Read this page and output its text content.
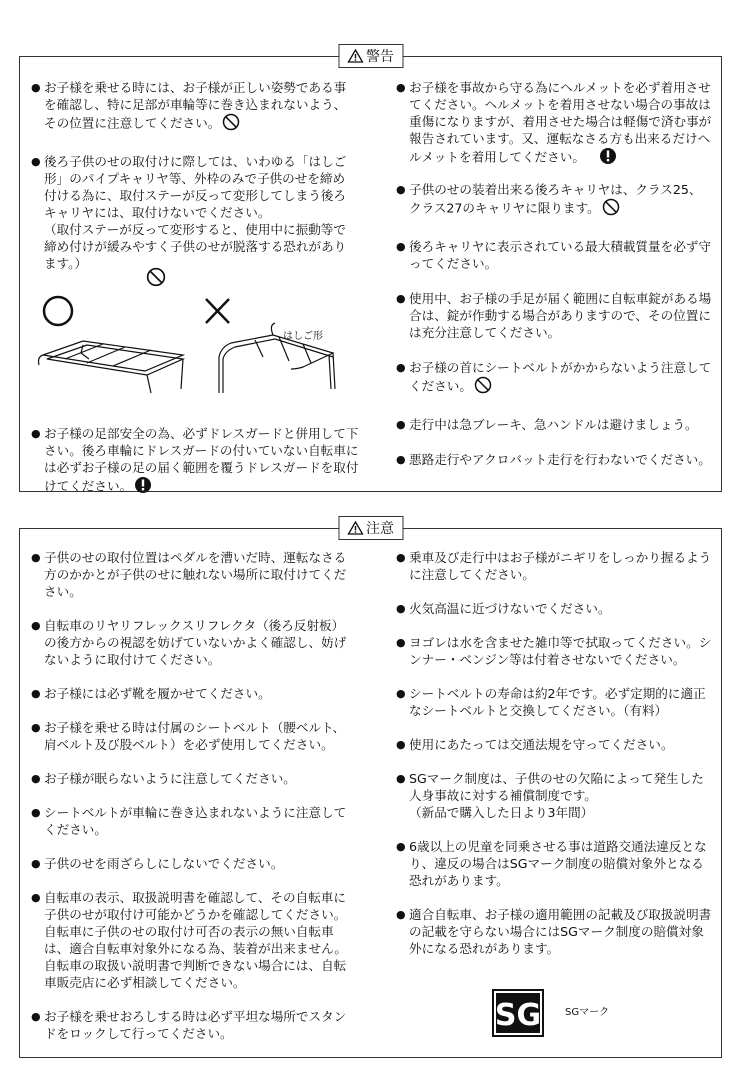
警告

● お子様を乗せる時には、お子様が正しい姿勢である事を確認し、特に足部が車輪等に巻き込まれないよう、その位置に注意してください。

● 後ろ子供のせの取付けに際しては、いわゆる「はしご形」のパイプキャリヤ等、外枠のみで子供のせを締め付ける為に、取付ステーが反って変形してしまう後ろキャリヤには、取付けないでください。
（取付ステーが反って変形すると、使用中に振動等で締め付けが緩みやすく子供のせが脱落する恐れがあります。）

はしご形

● お子様の足部安全の為、必ずドレスガードと併用して下さい。後ろ車輪にドレスガードの付いていない自転車には必ずお子様の足の届く範囲を覆うドレスガードを取付けてください。

● お子様を事故から守る為にヘルメットを必ず着用させてください。ヘルメットを着用させない場合の事故は重傷になりますが、着用させた場合は軽傷で済む事が報告されています。又、運転なさる方も出来るだけヘルメットを着用してください。

● 子供のせの装着出来る後ろキャリヤは、クラス25、クラス27のキャリヤに限ります。

● 後ろキャリヤに表示されている最大積載質量を必ず守ってください。

● 使用中、お子様の手足が届く範囲に自転車錠がある場合は、錠が作動する場合がありますので、その位置には充分注意してください。

● お子様の首にシートベルトがかからないよう注意してください。

● 走行中は急ブレーキ、急ハンドルは避けましょう。

● 悪路走行やアクロバット走行を行わないでください。

注意

● 子供のせの取付位置はペダルを漕いだ時、運転なさる方のかかとが子供のせに触れない場所に取付けてください。

● 自転車のリヤリフレックスリフレクタ（後ろ反射板）の後方からの視認を妨げていないかよく確認し、妨げないように取付けてください。

● お子様には必ず靴を履かせてください。

● お子様を乗せる時は付属のシートベルト（腰ベルト、肩ベルト及び股ベルト）を必ず使用してください。

● お子様が眠らないように注意してください。

● シートベルトが車輪に巻き込まれないように注意してください。

● 子供のせを雨ざらしにしないでください。

● 自転車の表示、取扱説明書を確認して、その自転車に子供のせが取付け可能かどうかを確認してください。自転車に子供のせの取付け可否の表示の無い自転車は、適合自転車対象外になる為、装着が出来ません。自転車の取扱い説明書で判断できない場合には、自転車販売店に必ず相談してください。

● お子様を乗せおろしする時は必ず平坦な場所でスタンドをロックして行ってください。

● 乗車及び走行中はお子様がニギリをしっかり握るように注意してください。

● 火気高温に近づけないでください。

● ヨゴレは水を含ませた雑巾等で拭取ってください。シンナー・ベンジン等は付着させないでください。

● シートベルトの寿命は約2年です。必ず定期的に適正なシートベルトと交換してください。（有料）

● 使用にあたっては交通法規を守ってください。

● SGマーク制度は、子供のせの欠陥によって発生した人身事故に対する補償制度です。
（新品で購入した日より3年間）

● 6歳以上の児童を同乗させる事は道路交通法違反となり、違反の場合はSGマーク制度の賠償対象外となる恐れがあります。

● 適合自転車、お子様の適用範囲の記載及び取扱説明書の記載を守らない場合にはSGマーク制度の賠償対象外になる恐れがあります。

SG SGマーク
